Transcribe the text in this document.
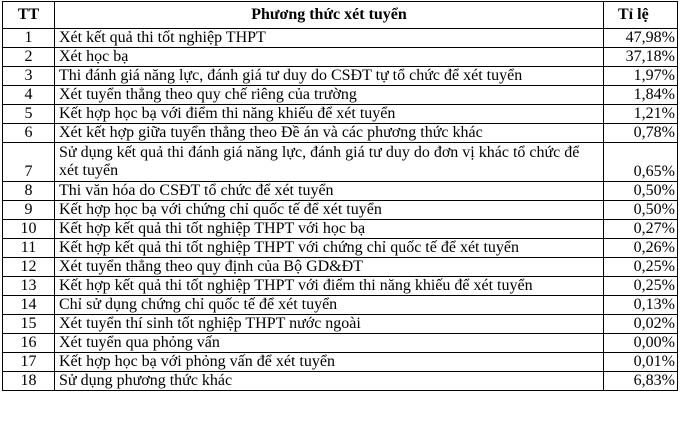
TT	Phương thức xét tuyển	Tỉ lệ
1	Xét kết quả thi tốt nghiệp THPT	47,98%
2	Xét học bạ	37,18%
3	Thi đánh giá năng lực, đánh giá tư duy do CSĐT tự tổ chức để xét tuyển	1,97%
4	Xét tuyển thẳng theo quy chế riêng của trường	1,84%
5	Kết hợp học bạ với điểm thi năng khiếu để xét tuyển	1,21%
6	Xét kết hợp giữa tuyển thẳng theo Đề án và các phương thức khác	0,78%
7	Sử dụng kết quả thi đánh giá năng lực, đánh giá tư duy do đơn vị khác tổ chức để xét tuyển	0,65%
8	Thi văn hóa do CSĐT tổ chức để xét tuyển	0,50%
9	Kết hợp học bạ với chứng chỉ quốc tế để xét tuyển	0,50%
10	Kết hợp kết quả thi tốt nghiệp THPT với học bạ	0,27%
11	Kết hợp kết quả thi tốt nghiệp THPT với chứng chỉ quốc tế để xét tuyển	0,26%
12	Xét tuyển thẳng theo quy định của Bộ GD&ĐT	0,25%
13	Kết hợp kết quả thi tốt nghiệp THPT với điểm thi năng khiếu để xét tuyển	0,25%
14	Chỉ sử dụng chứng chỉ quốc tế để xét tuyển	0,13%
15	Xét tuyển thí sinh tốt nghiệp THPT nước ngoài	0,02%
16	Xét tuyển qua phỏng vấn	0,00%
17	Kết hợp học bạ với phỏng vấn để xét tuyển	0,01%
18	Sử dụng phương thức khác	6,83%
